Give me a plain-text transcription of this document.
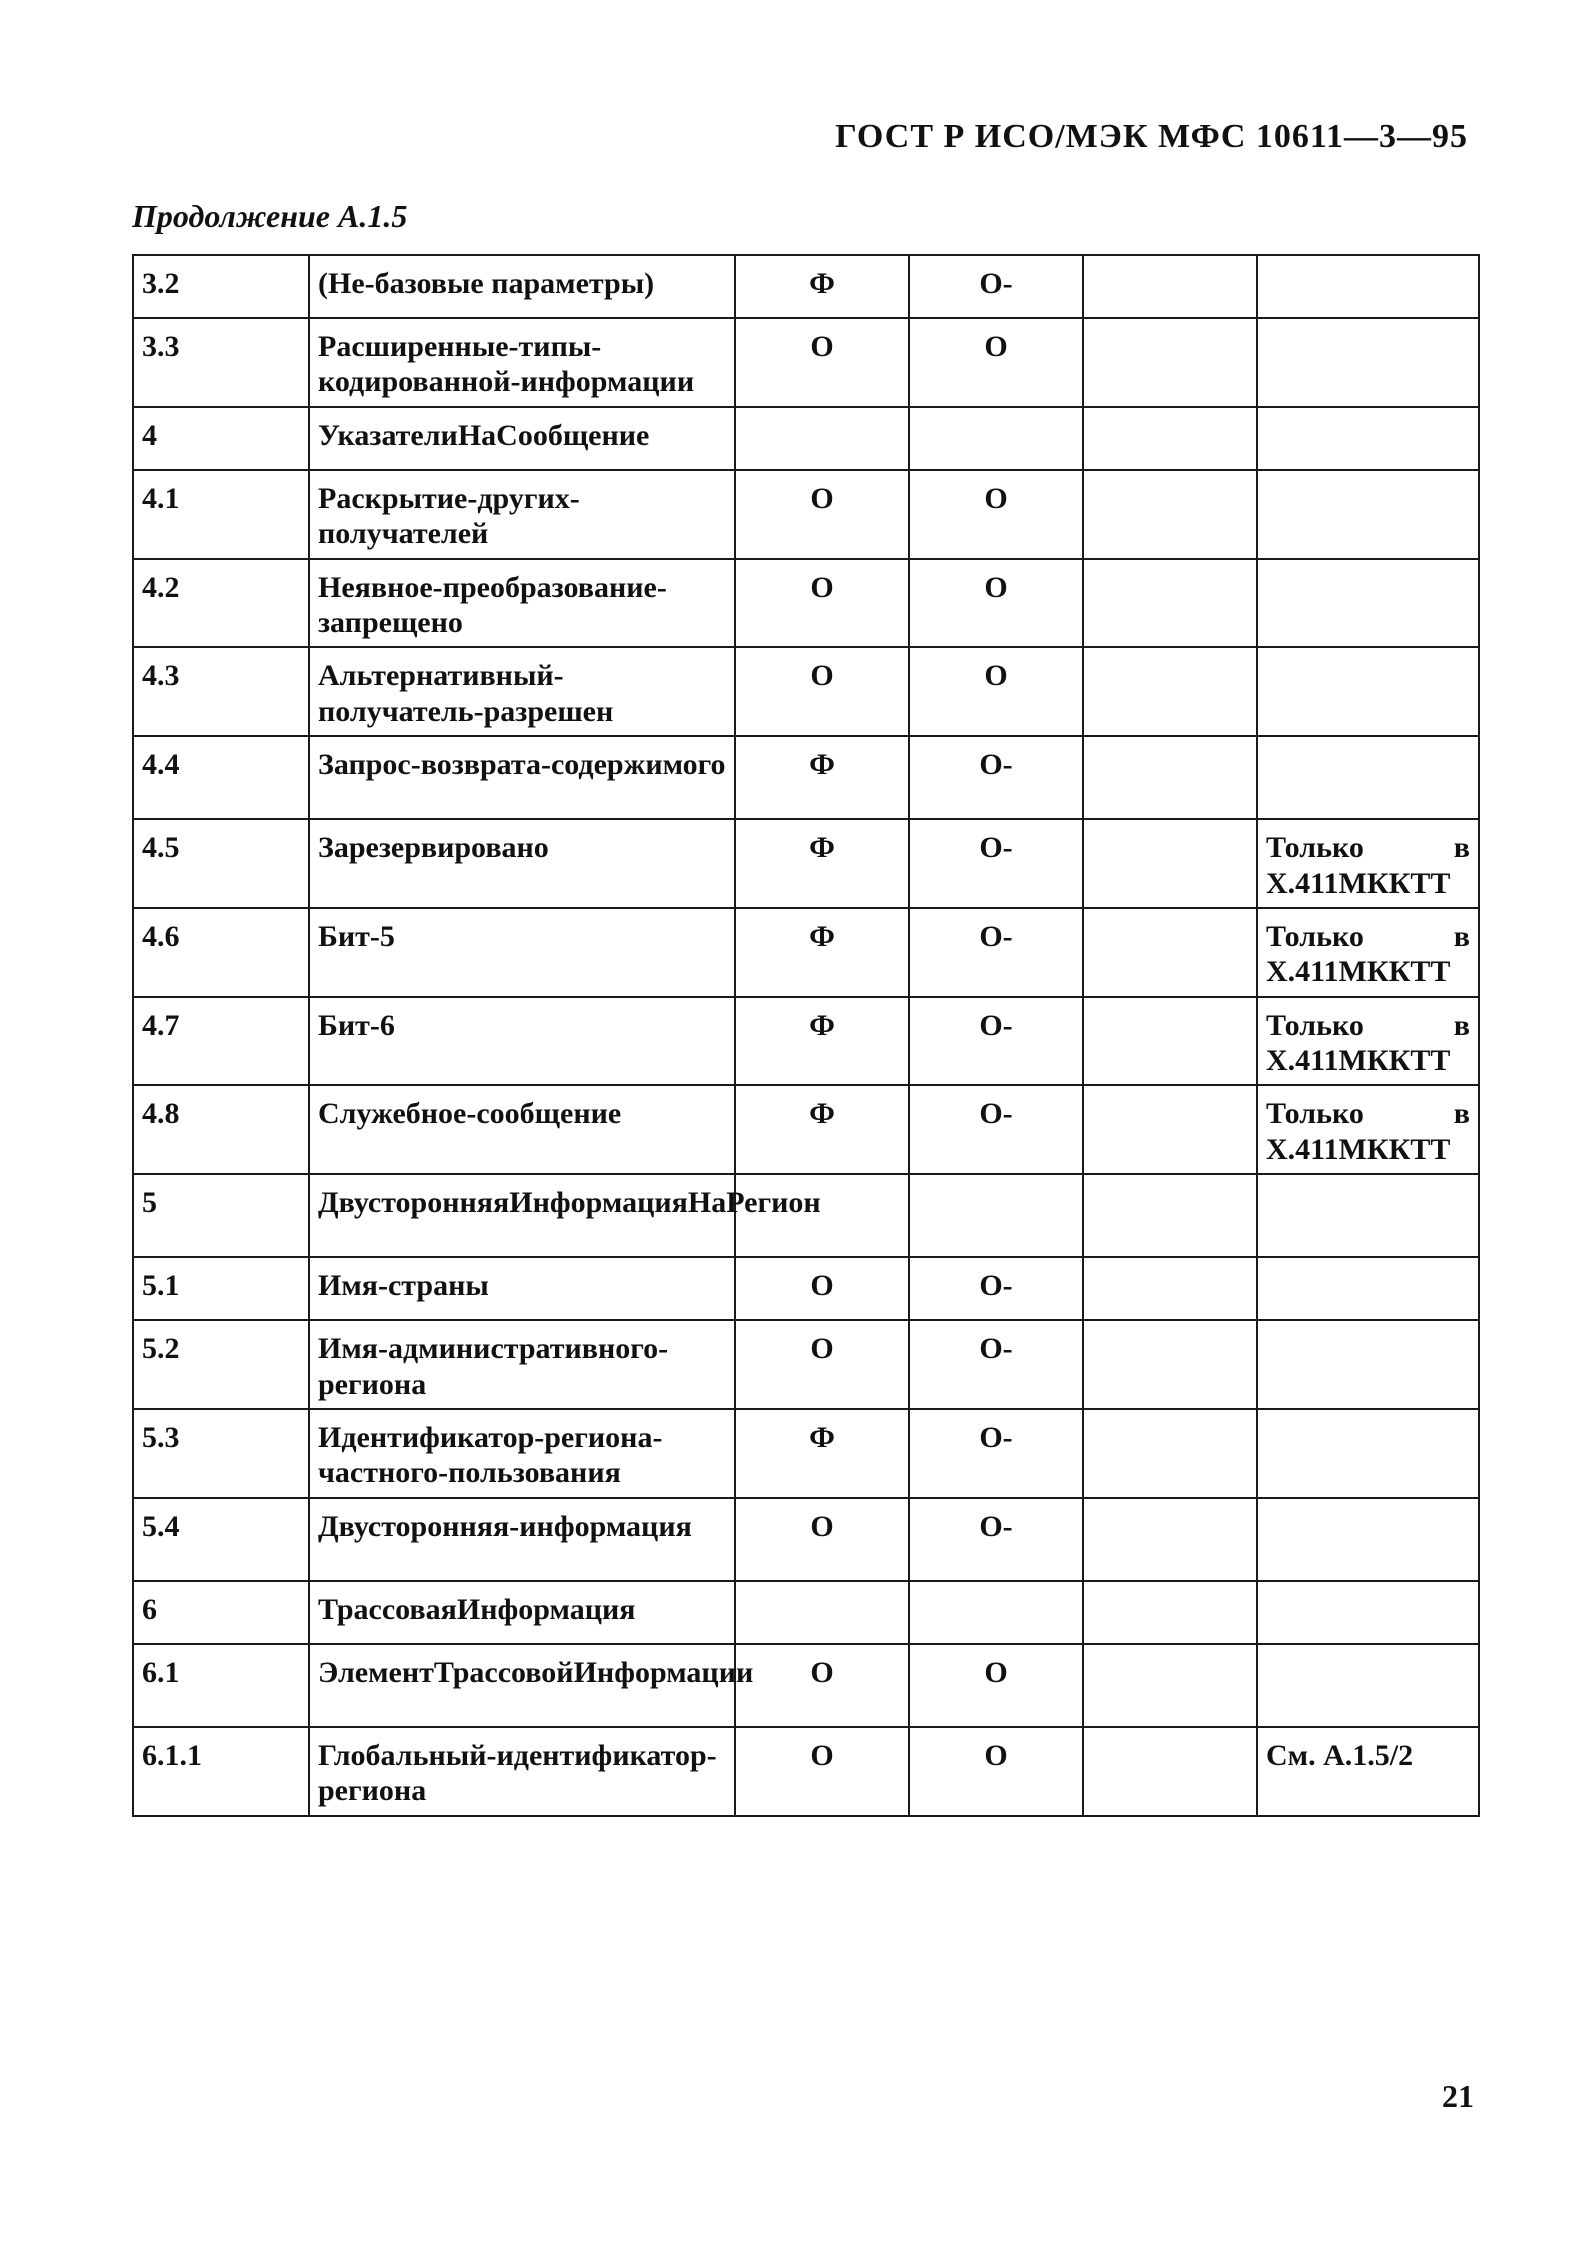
ГОСТ Р ИСО/МЭК МФС 10611—3—95
Продолжение А.1.5
3.2	(Не-базовые параметры)	Ф	О-		

3.3	Расширенные-типы-кодированной-информации	О	О		

4	УказателиНаСообщение				

4.1	Раскрытие-других-получателей	О	О		

4.2	Неявное-преобразование-запрещено	О	О		

4.3	Альтернативный-получатель-разрешен	О	О		

4.4	Запрос-возврата-содержимого	Ф	О-		

4.5	Зарезервировано	Ф	О-		Только в
X.411МККТТ

4.6	Бит-5	Ф	О-		Только в
X.411МККТТ

4.7	Бит-6	Ф	О-		Только в
X.411МККТТ

4.8	Служебное-сообщение	Ф	О-		Только в
X.411МККТТ

5	ДвусторонняяИнформацияНаРегион				

5.1	Имя-страны	О	О-		

5.2	Имя-административного-региона	О	О-		

5.3	Идентификатор-региона-частного-пользования	Ф	О-		

5.4	Двусторонняя-информация	О	О-		

6	ТрассоваяИнформация				

6.1	ЭлементТрассовойИнформации	О	О		

6.1.1	Глобальный-идентификатор-региона	О	О		См. А.1.5/2
21
